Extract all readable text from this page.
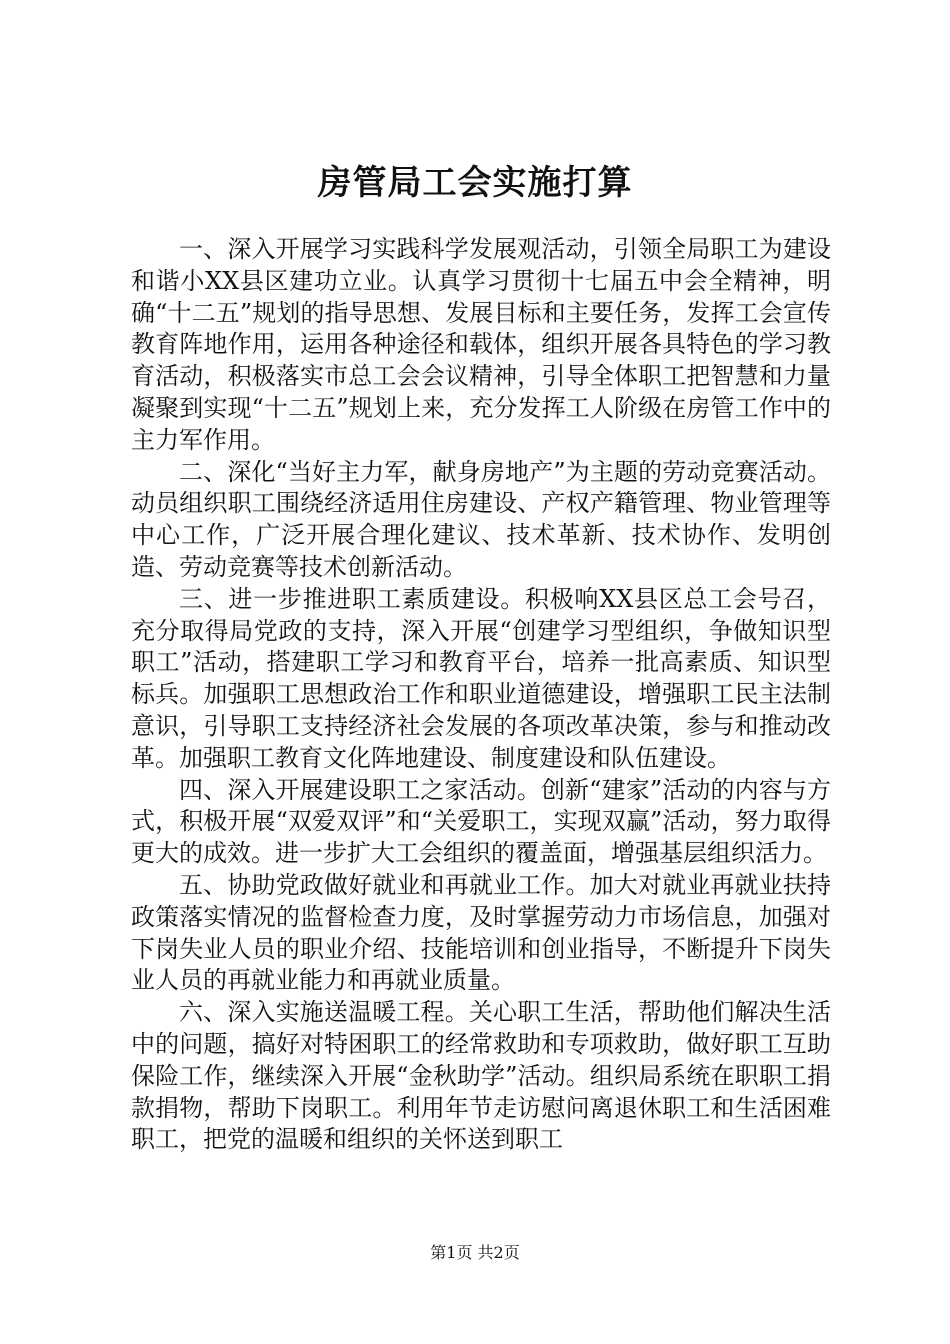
房管局工会实施打算

一、深入开展学习实践科学发展观活动，引领全局职工为建设和谐小XX县区建功立业。认真学习贯彻十七届五中会全精神，明确“十二五”规划的指导思想、发展目标和主要任务，发挥工会宣传教育阵地作用，运用各种途径和载体，组织开展各具特色的学习教育活动，积极落实市总工会会议精神，引导全体职工把智慧和力量凝聚到实现“十二五”规划上来，充分发挥工人阶级在房管工作中的主力军作用。

二、深化“当好主力军，献身房地产”为主题的劳动竞赛活动。动员组织职工围绕经济适用住房建设、产权产籍管理、物业管理等中心工作，广泛开展合理化建议、技术革新、技术协作、发明创造、劳动竞赛等技术创新活动。

三、进一步推进职工素质建设。积极响XX县区总工会号召，充分取得局党政的支持，深入开展“创建学习型组织，争做知识型职工”活动，搭建职工学习和教育平台，培养一批高素质、知识型标兵。加强职工思想政治工作和职业道德建设，增强职工民主法制意识，引导职工支持经济社会发展的各项改革决策，参与和推动改革。加强职工教育文化阵地建设、制度建设和队伍建设。

四、深入开展建设职工之家活动。创新“建家”活动的内容与方式，积极开展“双爱双评”和“关爱职工，实现双赢”活动，努力取得更大的成效。进一步扩大工会组织的覆盖面，增强基层组织活力。

五、协助党政做好就业和再就业工作。加大对就业再就业扶持政策落实情况的监督检查力度，及时掌握劳动力市场信息，加强对下岗失业人员的职业介绍、技能培训和创业指导，不断提升下岗失业人员的再就业能力和再就业质量。

六、深入实施送温暖工程。关心职工生活，帮助他们解决生活中的问题，搞好对特困职工的经常救助和专项救助，做好职工互助保险工作，继续深入开展“金秋助学”活动。组织局系统在职职工捐款捐物，帮助下岗职工。利用年节走访慰问离退休职工和生活困难职工，把党的温暖和组织的关怀送到职工

第1页 共2页
